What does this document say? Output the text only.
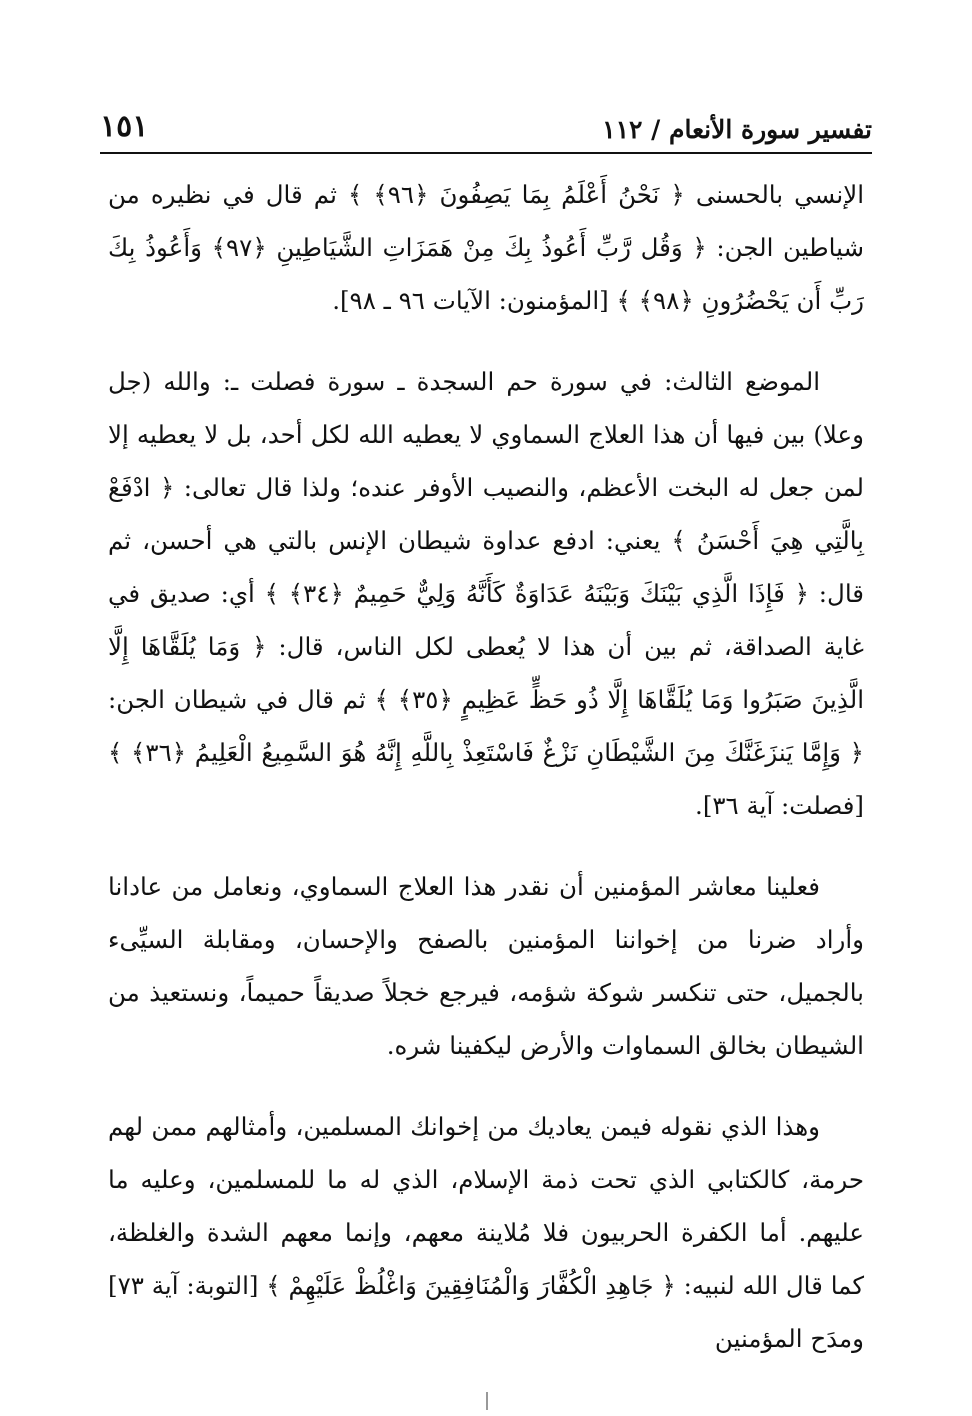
تفسير سورة الأنعام / ١١٢
١٥١

الإنسي بالحسنى ﴿ نَحْنُ أَعْلَمُ بِمَا يَصِفُونَ ﴿٩٦﴾ ﴾ ثم قال في نظيره من شياطين الجن: ﴿ وَقُل رَّبِّ أَعُوذُ بِكَ مِنْ هَمَزَاتِ الشَّيَاطِينِ ﴿٩٧﴾ وَأَعُوذُ بِكَ رَبِّ أَن يَحْضُرُونِ ﴿٩٨﴾ ﴾ [المؤمنون: الآيات ٩٦ ـ ٩٨].

الموضع الثالث: في سورة حم السجدة ـ سورة فصلت ـ: والله (جل وعلا) بين فيها أن هذا العلاج السماوي لا يعطيه الله لكل أحد، بل لا يعطيه إلا لمن جعل له البخت الأعظم، والنصيب الأوفر عنده؛ ولذا قال تعالى: ﴿ ادْفَعْ بِالَّتِي هِيَ أَحْسَنُ ﴾ يعني: ادفع عداوة شيطان الإنس بالتي هي أحسن، ثم قال: ﴿ فَإِذَا الَّذِي بَيْنَكَ وَبَيْنَهُ عَدَاوَةٌ كَأَنَّهُ وَلِيٌّ حَمِيمٌ ﴿٣٤﴾ ﴾ أي: صديق في غاية الصداقة، ثم بين أن هذا لا يُعطى لكل الناس، قال: ﴿ وَمَا يُلَقَّاهَا إِلَّا الَّذِينَ صَبَرُوا وَمَا يُلَقَّاهَا إِلَّا ذُو حَظٍّ عَظِيمٍ ﴿٣٥﴾ ﴾ ثم قال في شيطان الجن: ﴿ وَإِمَّا يَنزَغَنَّكَ مِنَ الشَّيْطَانِ نَزْغٌ فَاسْتَعِذْ بِاللَّهِ إِنَّهُ هُوَ السَّمِيعُ الْعَلِيمُ ﴿٣٦﴾ ﴾ [فصلت: آية ٣٦].

فعلينا معاشر المؤمنين أن نقدر هذا العلاج السماوي، ونعامل من عادانا وأراد ضرنا من إخواننا المؤمنين بالصفح والإحسان، ومقابلة السيِّىء بالجميل، حتى تنكسر شوكة شؤمه، فيرجع خجلاً صديقاً حميماً، ونستعيذ من الشيطان بخالق السماوات والأرض ليكفينا شره.

وهذا الذي نقوله فيمن يعاديك من إخوانك المسلمين، وأمثالهم ممن لهم حرمة، كالكتابي الذي تحت ذمة الإسلام، الذي له ما للمسلمين، وعليه ما عليهم. أما الكفرة الحربيون فلا مُلاينة معهم، وإنما معهم الشدة والغلظة، كما قال الله لنبيه: ﴿ جَاهِدِ الْكُفَّارَ وَالْمُنَافِقِينَ وَاغْلُظْ عَلَيْهِمْ ﴾ [التوبة: آية ٧٣] ومدَح المؤمنين
